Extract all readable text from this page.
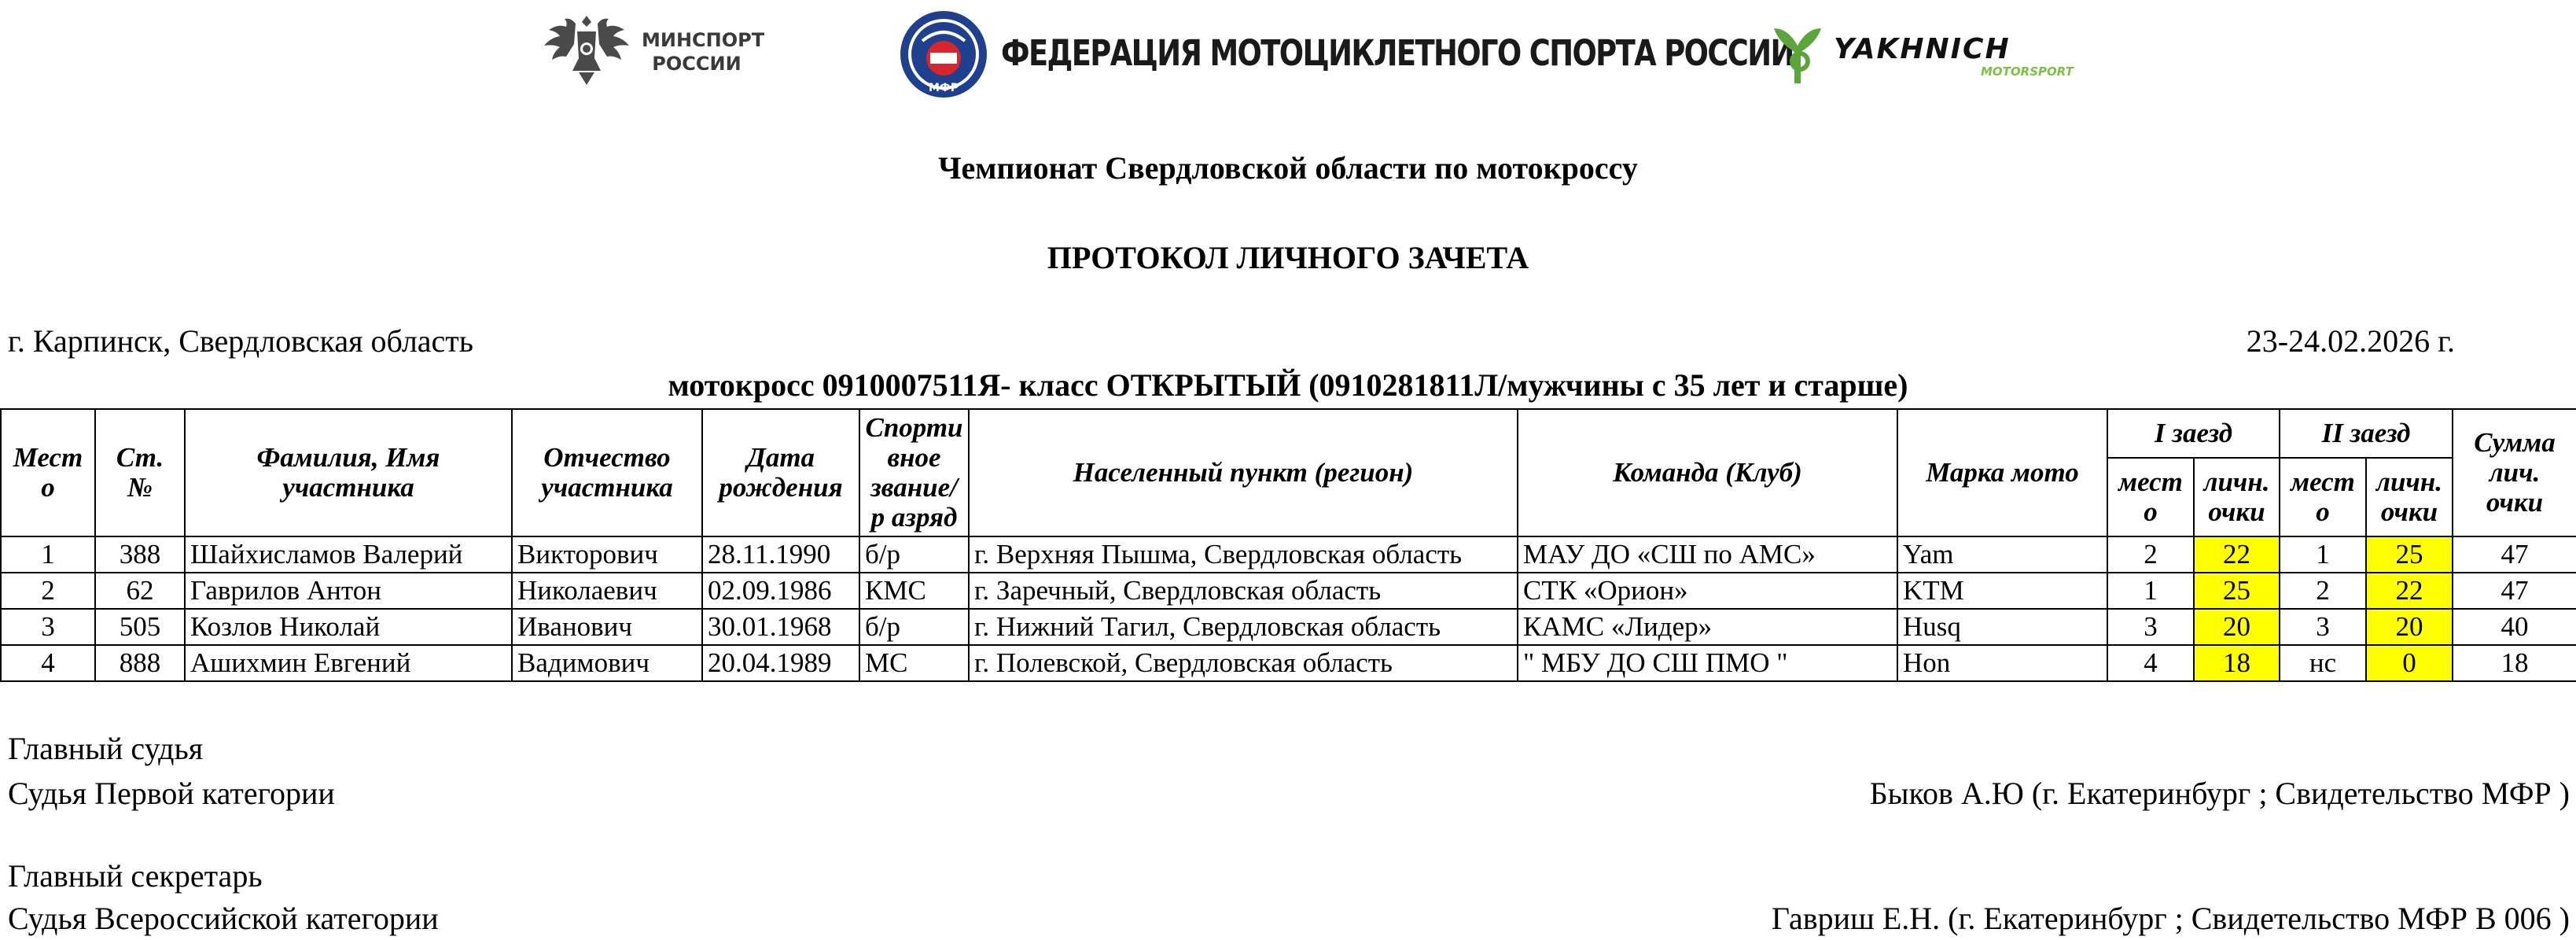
МИНСПОРТ
РОССИИ
МФР
ФЕДЕРАЦИЯ МОТОЦИКЛЕТНОГО СПОРТА РОССИИ YAKHNICH
MOTORSPORT
Чемпионат Свердловской области по мотокроссу
ПРОТОКОЛ ЛИЧНОГО ЗАЧЕТА
г. Карпинск, Свердловская область	23-24.02.2026 г.
мотокросс 0910007511Я- класс ОТКРЫТЫЙ (0910281811Л/мужчины с 35 лет и старше)
Мест о	Ст. №	Фамилия, Имя участника	Отчество участника	Дата рождения	Спорти вное звание/р азряд	Населенный пункт (регион)	Команда (Клуб)	Марка мото	I заезд		II заезд		Сумма лич. очки
									мест о	личн. очки	мест о	личн. очки	
1	388	Шайхисламов Валерий	Викторович	28.11.1990	б/р	г. Верхняя Пышма, Свердловская область	МАУ ДО «СШ по АМС»	Yam	2	22	1	25	47
2	62	Гаврилов Антон	Николаевич	02.09.1986	КМС	г. Заречный, Свердловская область	СТК «Орион»	KTM	1	25	2	22	47
3	505	Козлов Николай	Иванович	30.01.1968	б/р	г. Нижний Тагил, Свердловская область	КАМС «Лидер»	Husq	3	20	3	20	40
4	888	Ашихмин Евгений	Вадимович	20.04.1989	МС	г. Полевской, Свердловская область	" МБУ ДО СШ ПМО "	Hon	4	18	нс	0	18
Главный судья
Судья Первой категории	Быков А.Ю (г. Екатеринбург ; Свидетельство МФР )
Главный секретарь
Судья Всероссийской категории	Гавриш Е.Н. (г. Екатеринбург ; Свидетельство МФР В 006 )
